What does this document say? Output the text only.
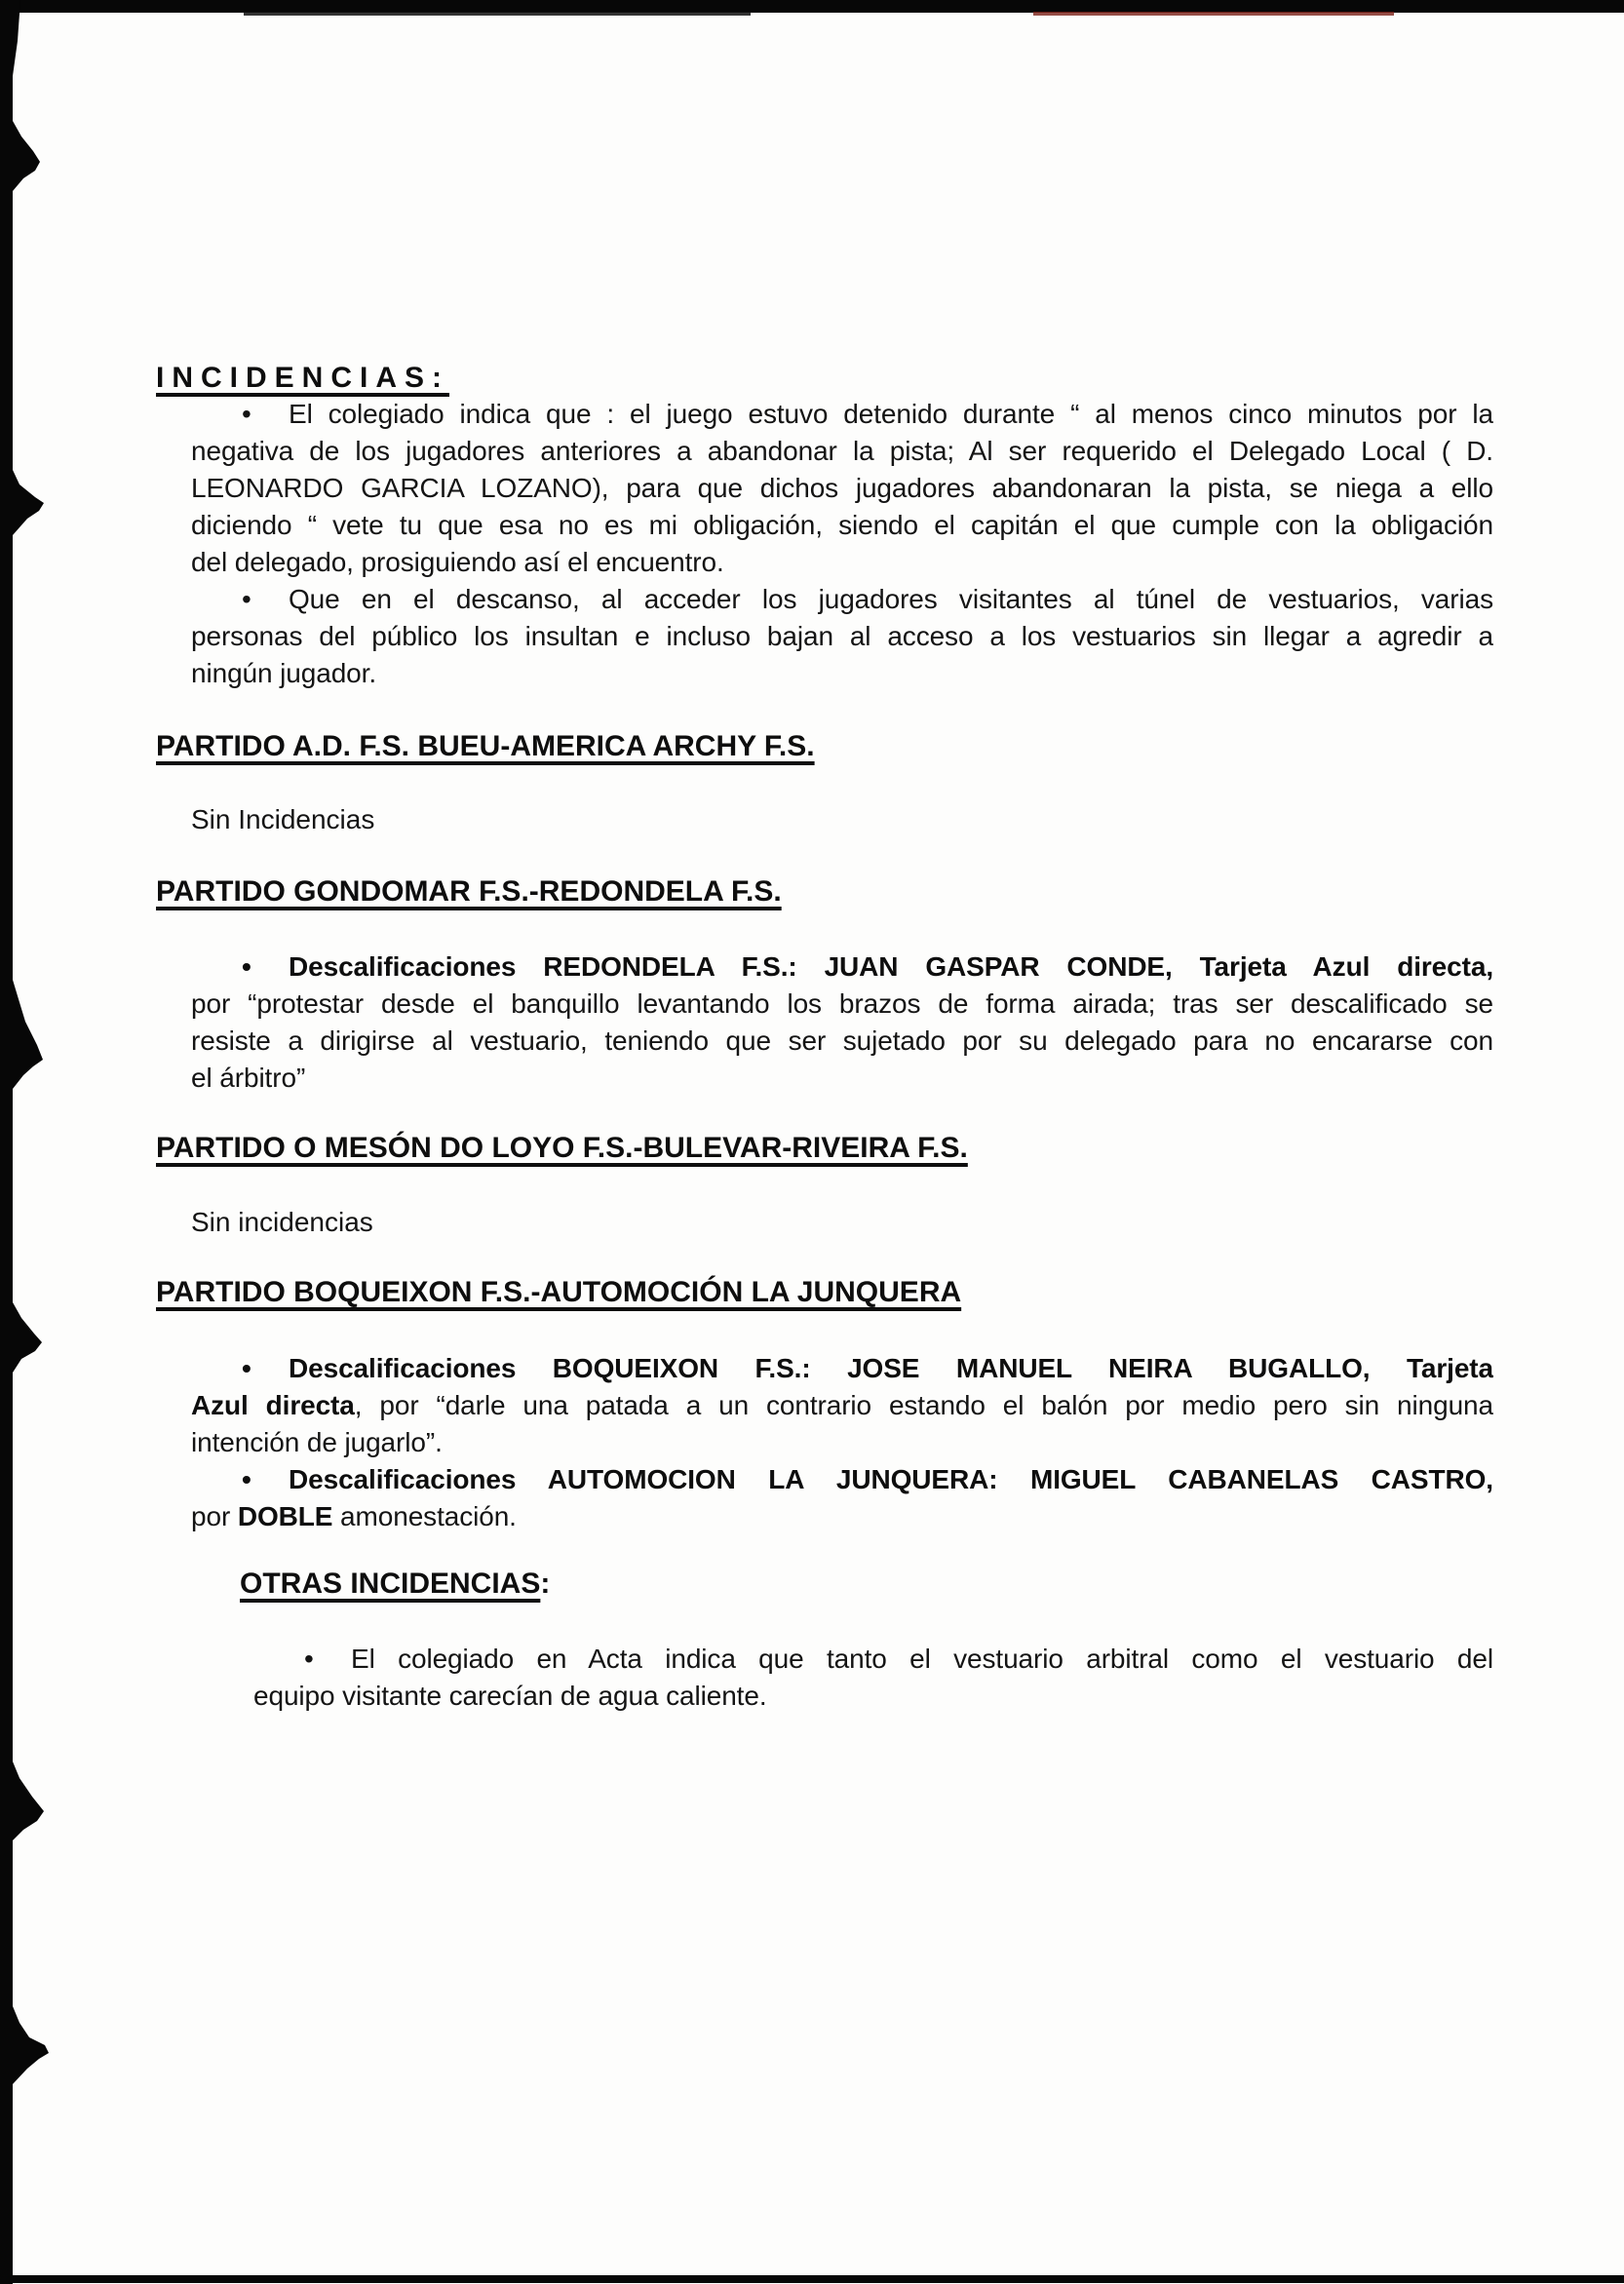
INCIDENCIAS:
• El colegiado indica que : el juego estuvo detenido durante “ al menos cinco minutos por la
negativa de los jugadores anteriores a abandonar la pista; Al ser requerido el Delegado Local ( D.
LEONARDO GARCIA LOZANO), para que dichos jugadores abandonaran la pista, se niega a ello
diciendo “ vete tu que esa no es mi obligación, siendo el capitán el que cumple con la obligación
del delegado, prosiguiendo así el encuentro.
• Que en el descanso, al acceder los jugadores visitantes al túnel de vestuarios, varias
personas del público los insultan e incluso bajan al acceso a los vestuarios sin llegar a agredir a
ningún jugador.
PARTIDO A.D. F.S. BUEU-AMERICA ARCHY F.S.
Sin Incidencias
PARTIDO GONDOMAR F.S.-REDONDELA F.S.
• Descalificaciones REDONDELA F.S.: JUAN GASPAR CONDE, Tarjeta Azul directa,
por “protestar desde el banquillo levantando los brazos de forma airada; tras ser descalificado se
resiste a dirigirse al vestuario, teniendo que ser sujetado por su delegado para no encararse con
el árbitro”
PARTIDO O MESÓN DO LOYO F.S.-BULEVAR-RIVEIRA F.S.
Sin incidencias
PARTIDO BOQUEIXON F.S.-AUTOMOCIÓN LA JUNQUERA
• Descalificaciones BOQUEIXON F.S.: JOSE MANUEL NEIRA BUGALLO, Tarjeta
Azul directa, por “darle una patada a un contrario estando el balón por medio pero sin ninguna
intención de jugarlo”.
• Descalificaciones AUTOMOCION LA JUNQUERA: MIGUEL CABANELAS CASTRO,
por DOBLE amonestación.
OTRAS INCIDENCIAS:
• El colegiado en Acta indica que tanto el vestuario arbitral como el vestuario del
equipo visitante carecían de agua caliente.
